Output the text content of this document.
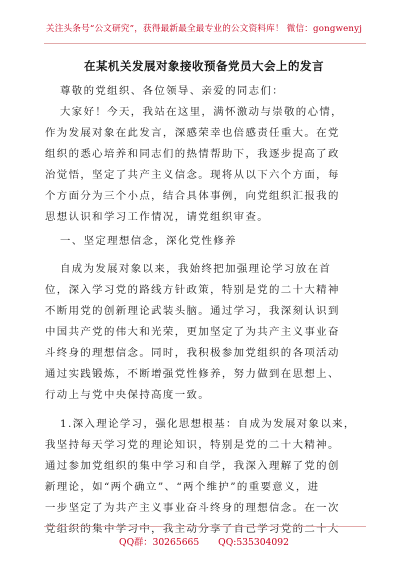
关注头条号“公文研究”，获得最新最全最专业的公文资料库！ 微信：gongwenyj
在某机关发展对象接收预备党员大会上的发言
尊敬的党组织、各位领导、亲爱的同志们：
大家好！今天，我站在这里，满怀激动与崇敬的心情，
作为发展对象在此发言，深感荣幸也倍感责任重大。在党
组织的悉心培养和同志们的热情帮助下，我逐步提高了政
治觉悟，坚定了共产主义信念。现将从以下六个方面，每
个方面分为三个小点，结合具体事例，向党组织汇报我的
思想认识和学习工作情况，请党组织审查。
一、坚定理想信念，深化党性修养
自成为发展对象以来，我始终把加强理论学习放在首
位，深入学习党的路线方针政策，特别是党的二十大精神
不断用党的创新理论武装头脑。通过学习，我深刻认识到
中国共产党的伟大和光荣，更加坚定了为共产主义事业奋
斗终身的理想信念。同时，我积极参加党组织的各项活动
通过实践锻炼，不断增强党性修养，努力做到在思想上、
行动上与党中央保持高度一致。
1.深入理论学习，强化思想根基：自成为发展对象以来，
我坚持每天学习党的理论知识，特别是党的二十大精神。
通过参加党组织的集中学习和自学，我深入理解了党的创
新理论，如“两个确立”、“两个维护”的重要意义，进
一步坚定了为共产主义事业奋斗终身的理想信念。在一次
党组织的集中学习中，我主动分享了自己学习党的二十大
QQ群：30265665 QQ:535304092
